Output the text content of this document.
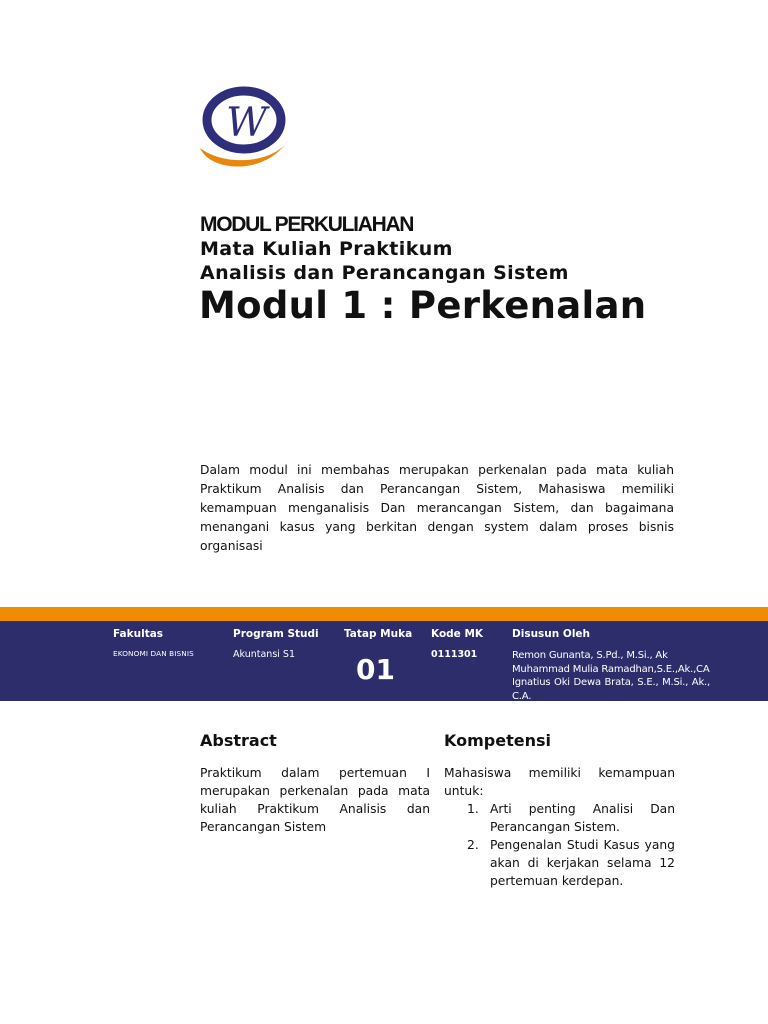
W
MODUL PERKULIAHAN
Mata Kuliah Praktikum
Analisis dan Perancangan Sistem
Modul 1 : Perkenalan
Dalam modul ini membahas merupakan perkenalan pada mata kuliah Praktikum Analisis dan Perancangan Sistem, Mahasiswa memiliki kemampuan menganalisis Dan merancangan Sistem, dan bagaimana menangani kasus yang berkitan dengan system dalam proses bisnis organisasi
Fakultas
EKONOMI DAN BISNIS
Program Studi
Akuntansi S1
Tatap Muka
01
Kode MK
0111301
Disusun Oleh
Remon Gunanta, S.Pd., M.Si., Ak
Muhammad Mulia Ramadhan,S.E.,Ak.,CA
Ignatius Oki Dewa Brata, S.E., M.Si., Ak., C.A.
Abstract
Praktikum dalam pertemuan I merupakan perkenalan pada mata kuliah Praktikum Analisis dan Perancangan Sistem
Kompetensi
Mahasiswa memiliki kemampuan untuk:
1. Arti penting Analisi Dan Perancangan Sistem.
2. Pengenalan Studi Kasus yang akan di kerjakan selama 12 pertemuan kerdepan.
